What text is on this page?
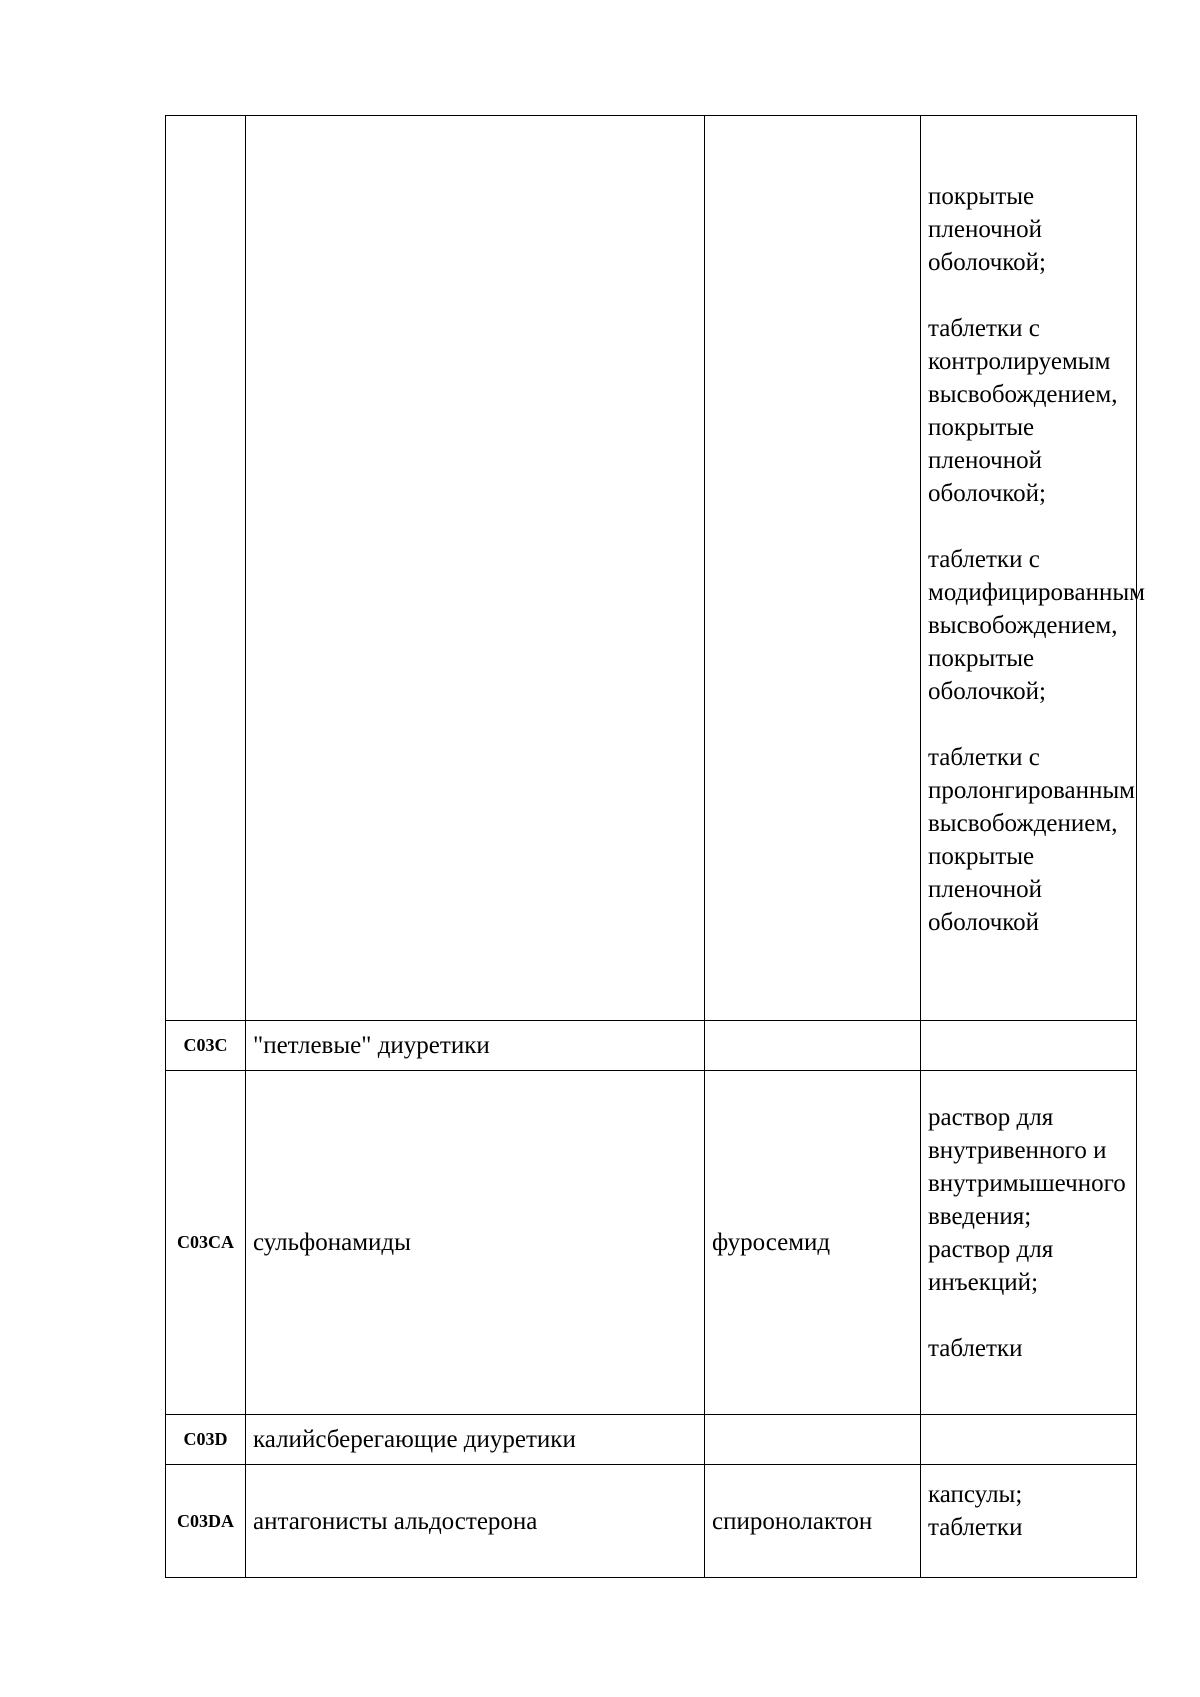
			покрытые пленочной оболочкой;
таблетки с контролируемым высвобождением, покрытые пленочной оболочкой;
таблетки с модифицированным высвобождением, покрытые оболочкой;
таблетки с пролонгированным высвобождением, покрытые пленочной оболочкой

C03C	"петлевые" диуретики		
C03CA	сульфонамиды	фуросемид	раствор для внутривенного и внутримышечного введения;
раствор для инъекций;
таблетки

C03D	калийсберегающие диуретики		
C03DA	антагонисты альдостерона	спиронолактон	капсулы;
таблетки
